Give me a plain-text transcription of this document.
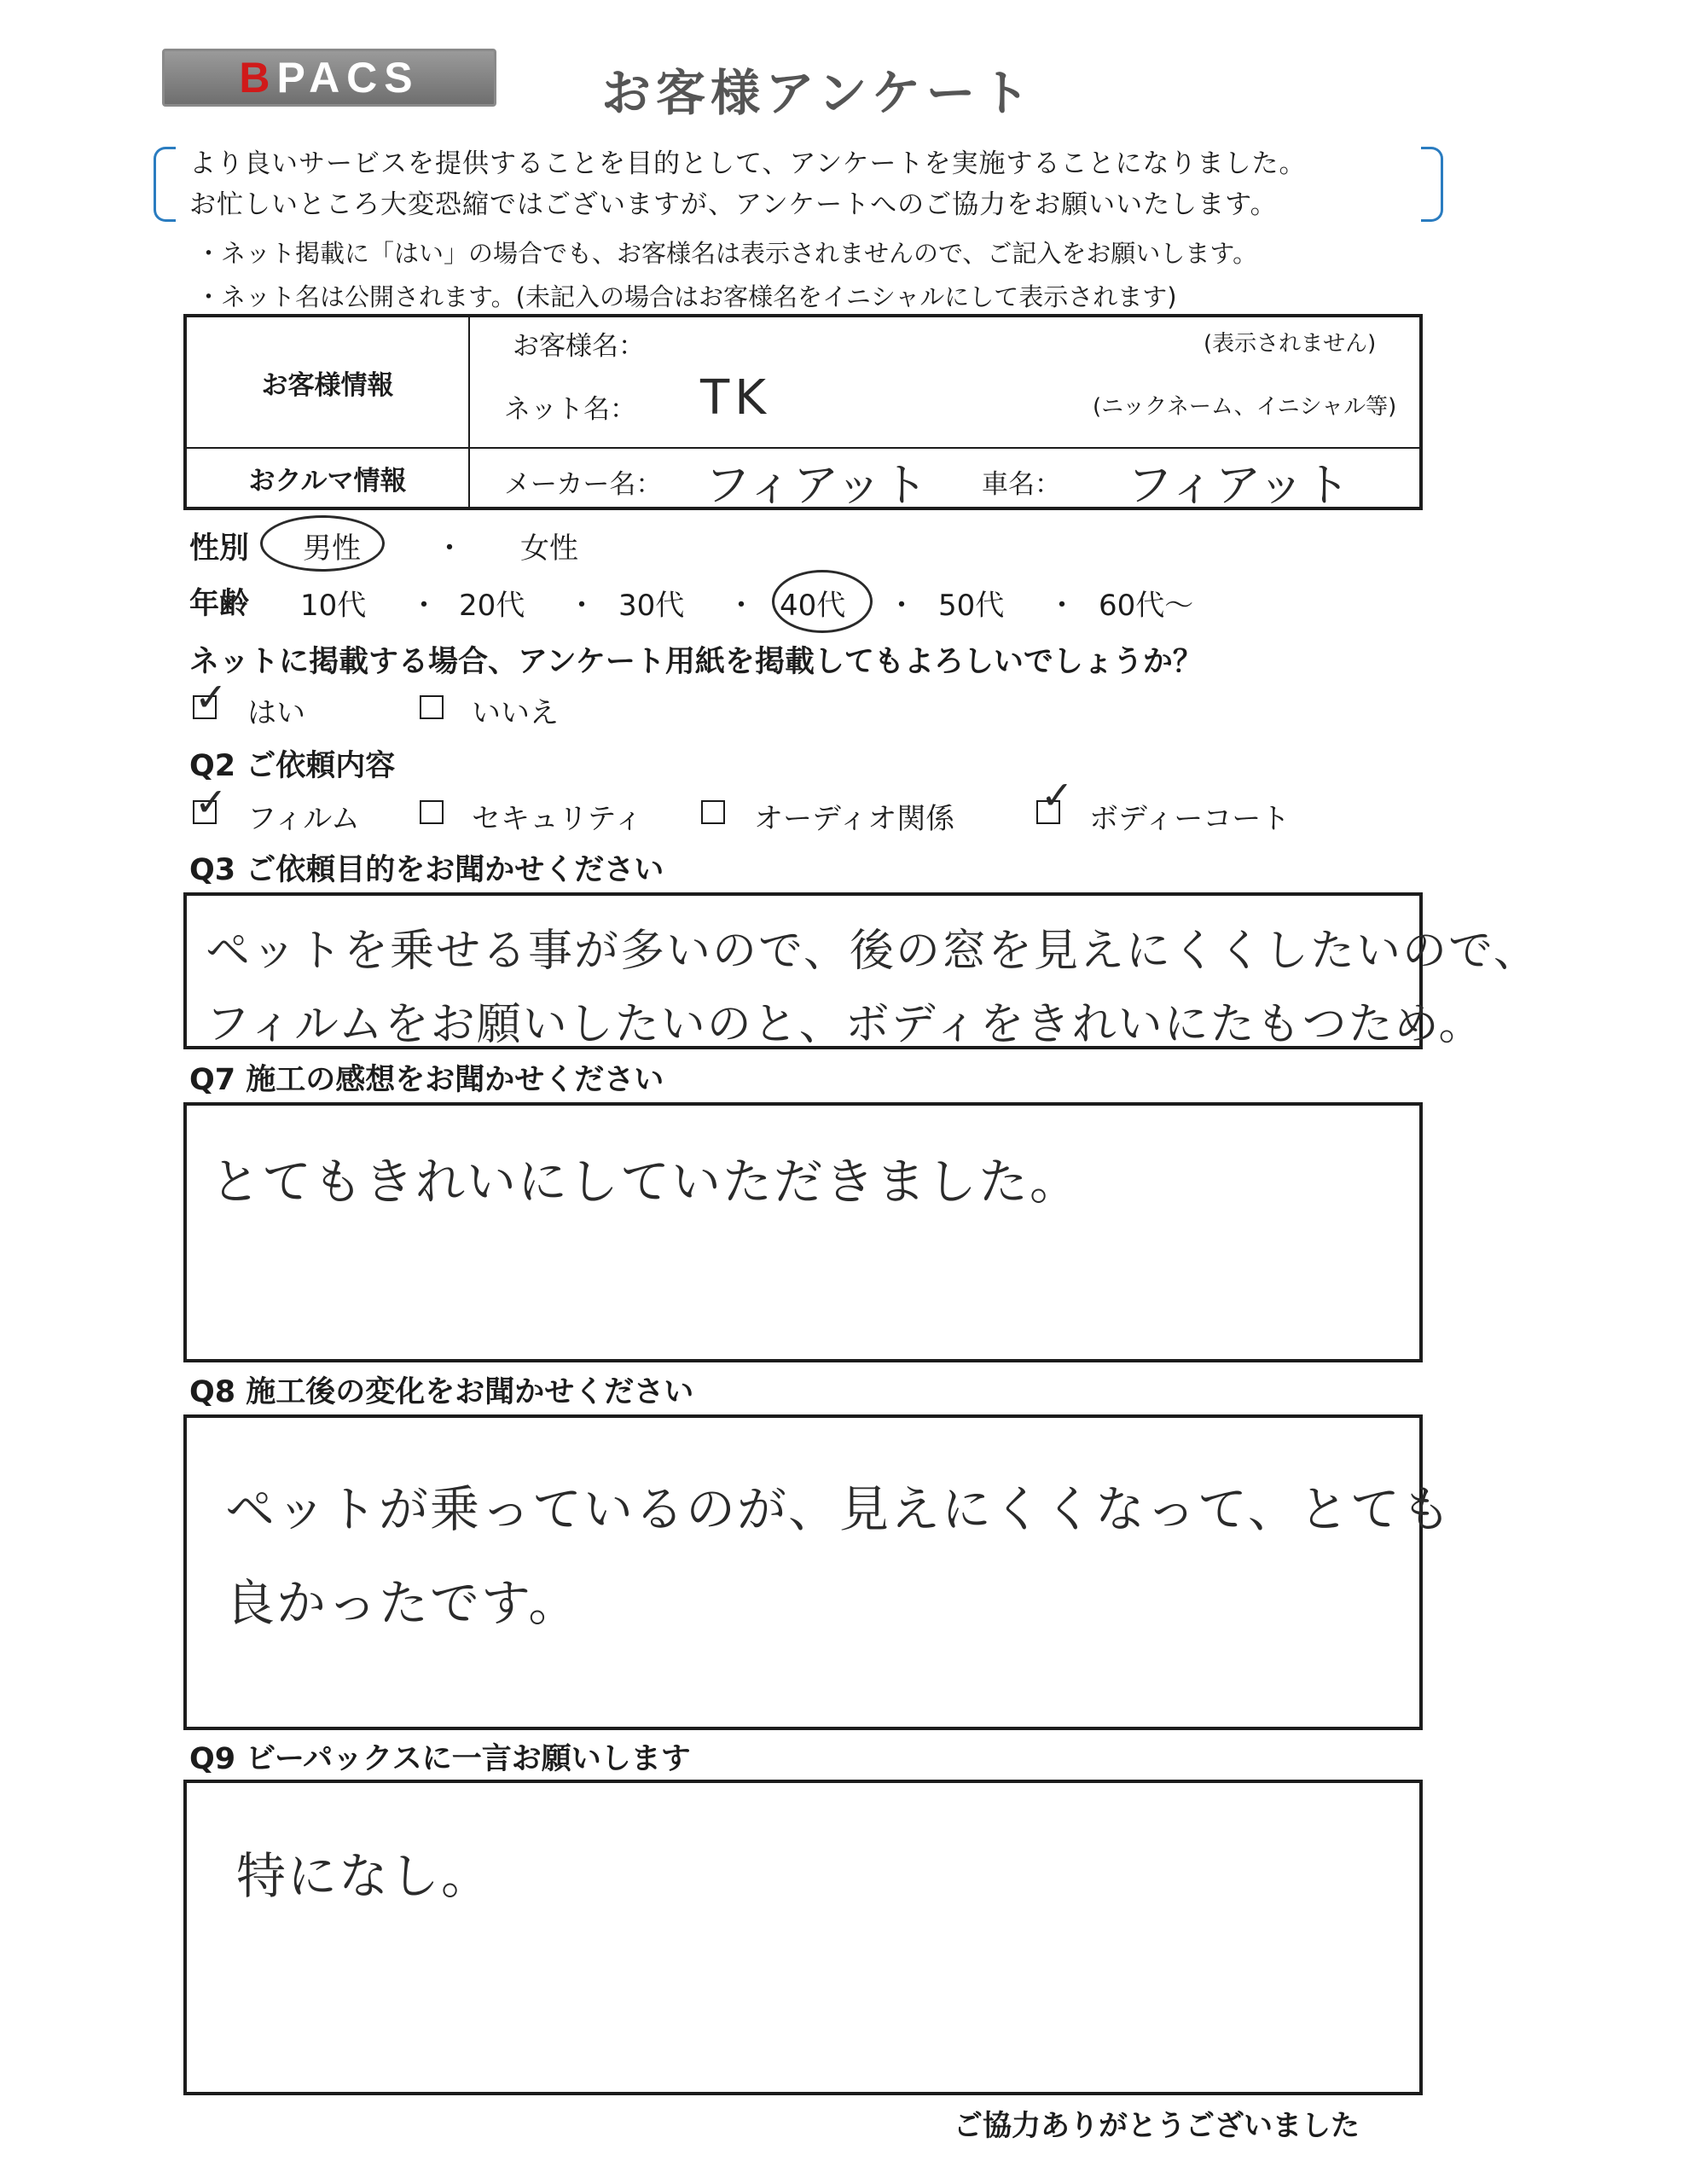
BPACS	お客様アンケート
より良いサービスを提供することを目的として、アンケートを実施することになりました。
お忙しいところ大変恐縮ではございますが、アンケートへのご協力をお願いいたします。
・ネット掲載に「はい」の場合でも、お客様名は表示されませんので、ご記入をお願いします。
・ネット名は公開されます。(未記入の場合はお客様名をイニシャルにして表示されます)
お客様情報	お客様名： (表示されません)
ネット名： TK (ニックネーム、イニシャル等)

おクルマ情報	メーカー名： フィアット 車名： フィアット
性別 男性	・ 女性
年齢 10代 ・ 20代 ・ 30代 ・ 40代 ・ 50代 ・ 60代～
ネットに掲載する場合、アンケート用紙を掲載してもよろしいでしょうか？
✓ はい	いいえ
Q2 ご依頼内容
✓ フィルム	セキュリティ	オーディオ関係
✓
ボディーコート
Q3 ご依頼目的をお聞かせください
ペットを乗せる事が多いので、後の窓を見えにくくしたいので、
フィルムをお願いしたいのと、ボディをきれいにたもつため。
Q7 施工の感想をお聞かせください
とてもきれいにしていただきました。
Q8 施工後の変化をお聞かせください
ペットが乗っているのが、見えにくくなって、とても
良かったです。
Q9 ビーパックスに一言お願いします
特になし。
ご協力ありがとうございました
